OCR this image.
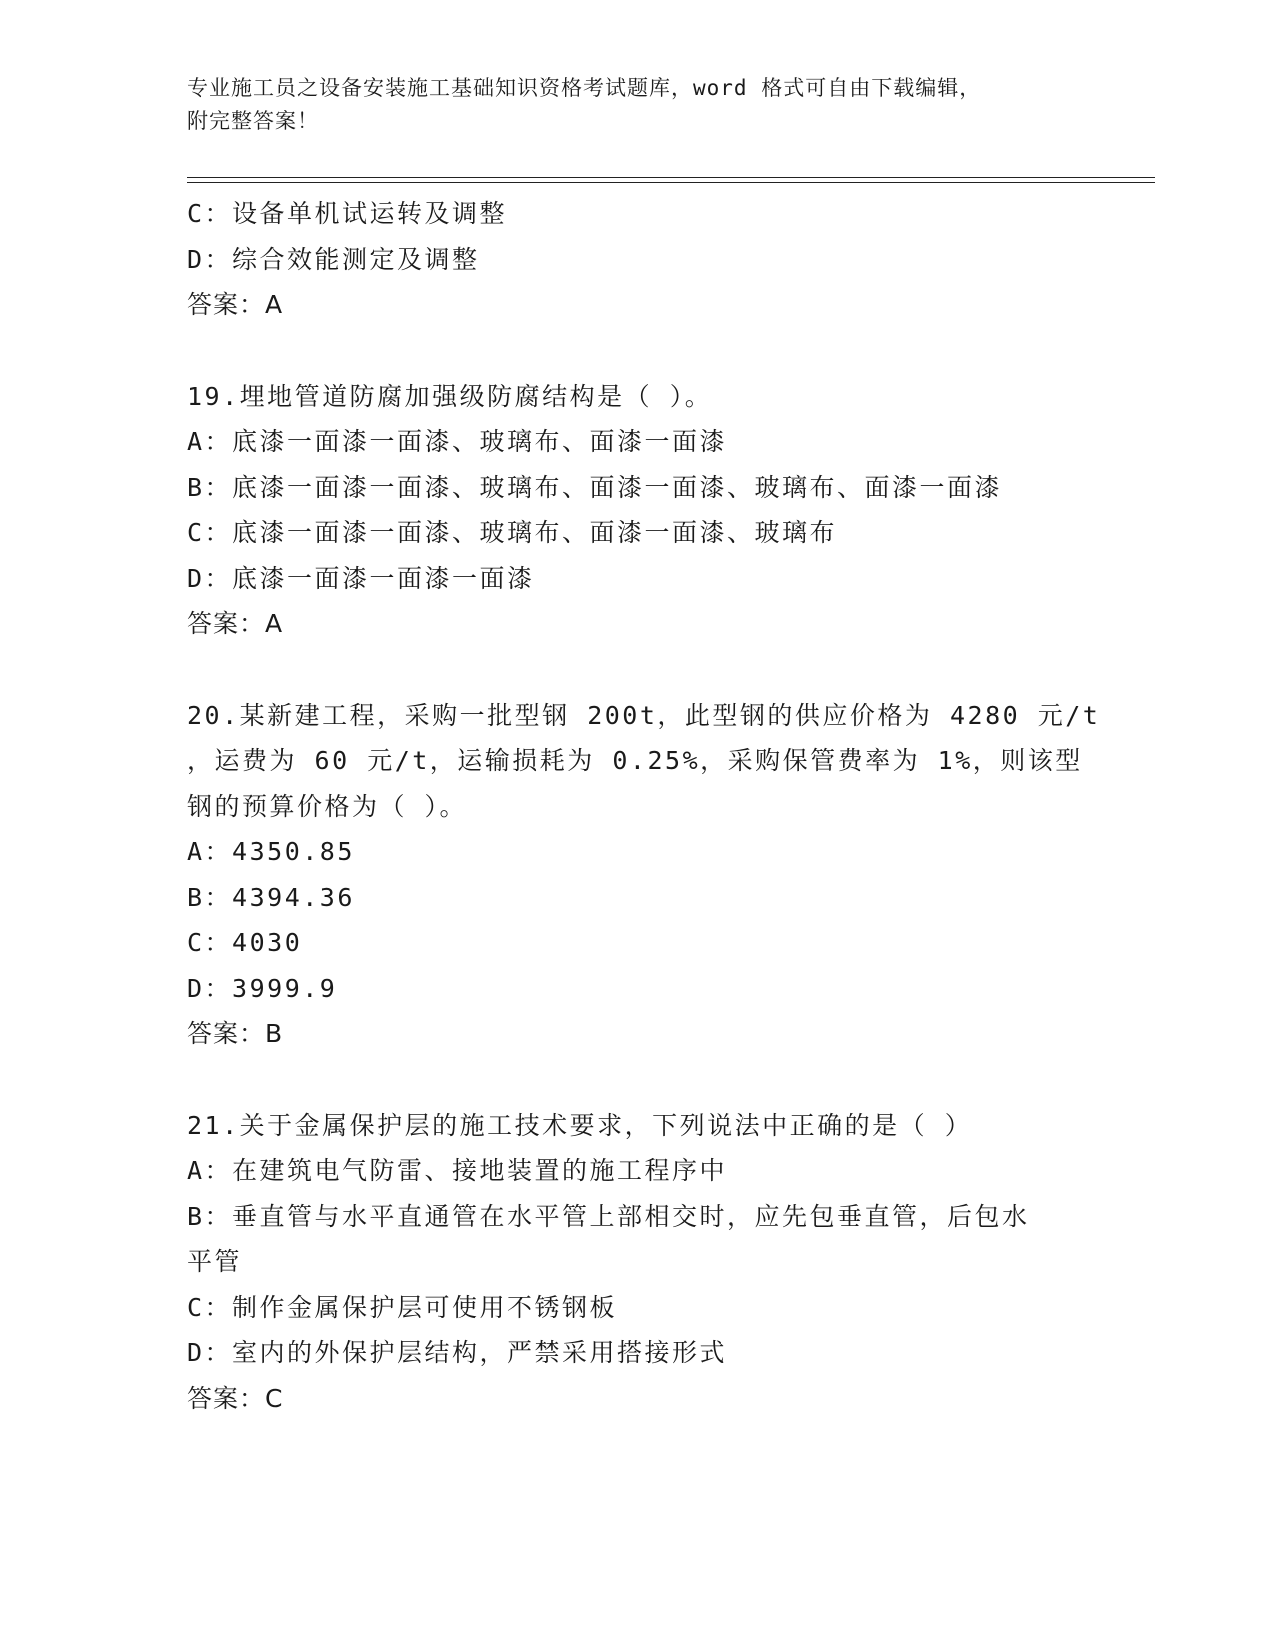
专业施工员之设备安装施工基础知识资格考试题库，word 格式可自由下载编辑，
附完整答案！
C：设备单机试运转及调整
D：综合效能测定及调整
答案：A
19.埋地管道防腐加强级防腐结构是（ ）。
A：底漆一面漆一面漆、玻璃布、面漆一面漆
B：底漆一面漆一面漆、玻璃布、面漆一面漆、玻璃布、面漆一面漆
C：底漆一面漆一面漆、玻璃布、面漆一面漆、玻璃布
D：底漆一面漆一面漆一面漆
答案：A
20.某新建工程，采购一批型钢 200t，此型钢的供应价格为 4280 元/t
，运费为 60 元/t，运输损耗为 0.25%，采购保管费率为 1%，则该型
钢的预算价格为（ ）。
A：4350.85
B：4394.36
C：4030
D：3999.9
答案：B
21.关于金属保护层的施工技术要求，下列说法中正确的是（ ）
A：在建筑电气防雷、接地装置的施工程序中
B：垂直管与水平直通管在水平管上部相交时，应先包垂直管，后包水
平管
C：制作金属保护层可使用不锈钢板
D：室内的外保护层结构，严禁采用搭接形式
答案：C
